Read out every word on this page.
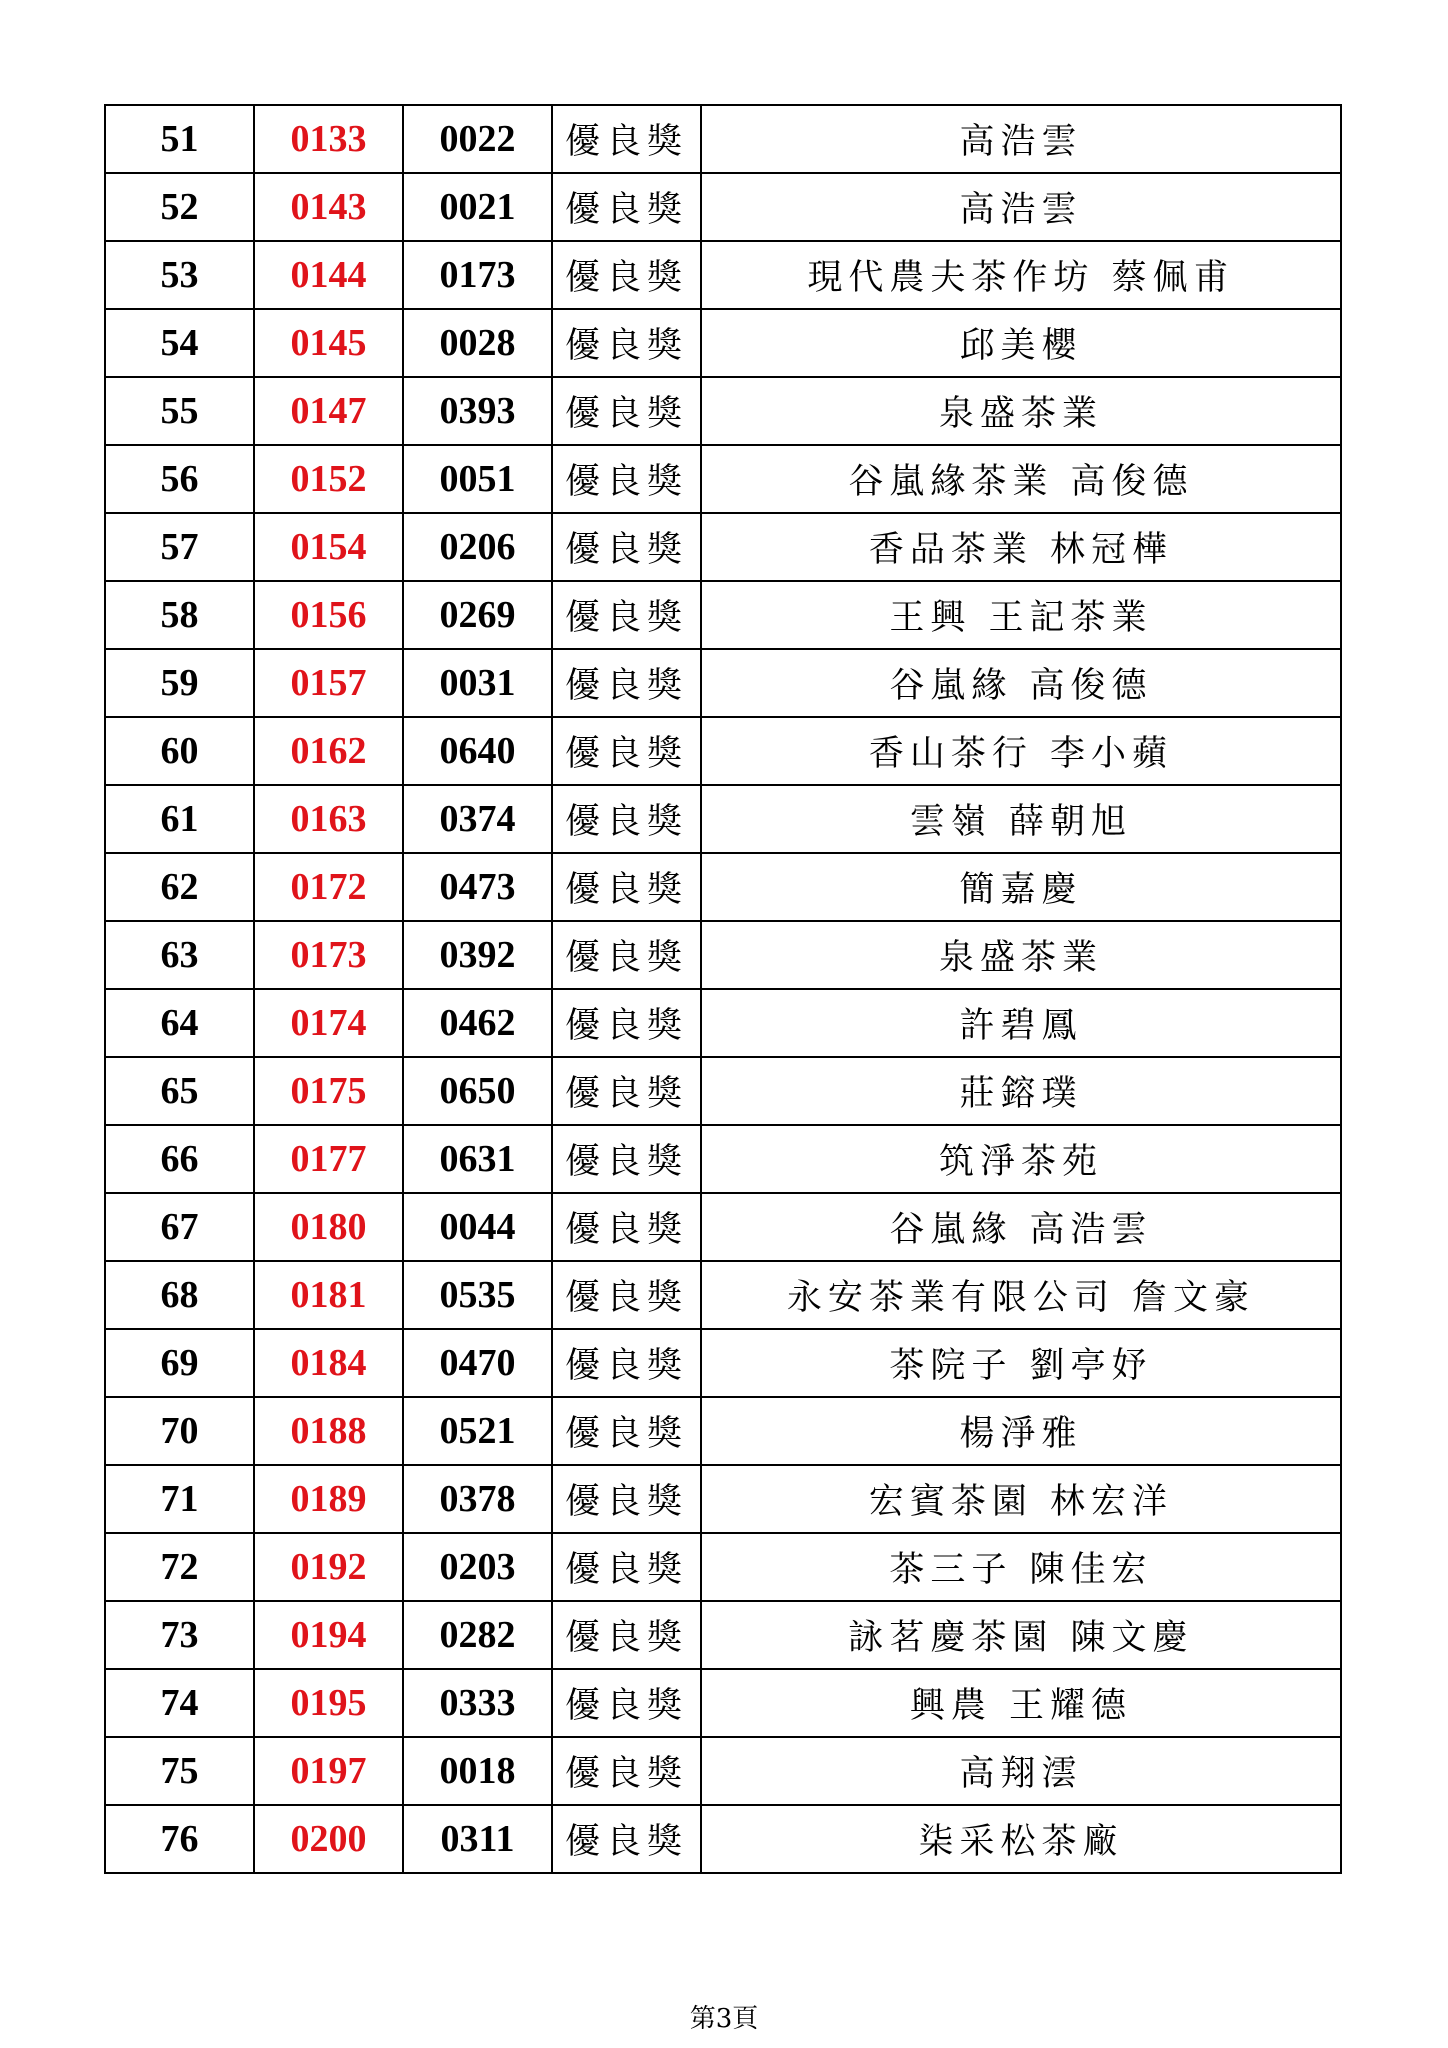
51	0133	0022	優良獎	高浩雲
52	0143	0021	優良獎	高浩雲
53	0144	0173	優良獎	現代農夫茶作坊 蔡佩甫
54	0145	0028	優良獎	邱美櫻
55	0147	0393	優良獎	泉盛茶業
56	0152	0051	優良獎	谷嵐緣茶業 高俊德
57	0154	0206	優良獎	香品茶業 林冠樺
58	0156	0269	優良獎	王興 王記茶業
59	0157	0031	優良獎	谷嵐緣 高俊德
60	0162	0640	優良獎	香山茶行 李小蘋
61	0163	0374	優良獎	雲嶺 薛朝旭
62	0172	0473	優良獎	簡嘉慶
63	0173	0392	優良獎	泉盛茶業
64	0174	0462	優良獎	許碧鳳
65	0175	0650	優良獎	莊鎔璞
66	0177	0631	優良獎	筑淨茶苑
67	0180	0044	優良獎	谷嵐緣 高浩雲
68	0181	0535	優良獎	永安茶業有限公司 詹文豪
69	0184	0470	優良獎	茶院子 劉亭妤
70	0188	0521	優良獎	楊淨雅
71	0189	0378	優良獎	宏賓茶園 林宏洋
72	0192	0203	優良獎	茶三子 陳佳宏
73	0194	0282	優良獎	詠茗慶茶園 陳文慶
74	0195	0333	優良獎	興農 王耀德
75	0197	0018	優良獎	高翔澐
76	0200	0311	優良獎	柒采松茶廠
第3頁
